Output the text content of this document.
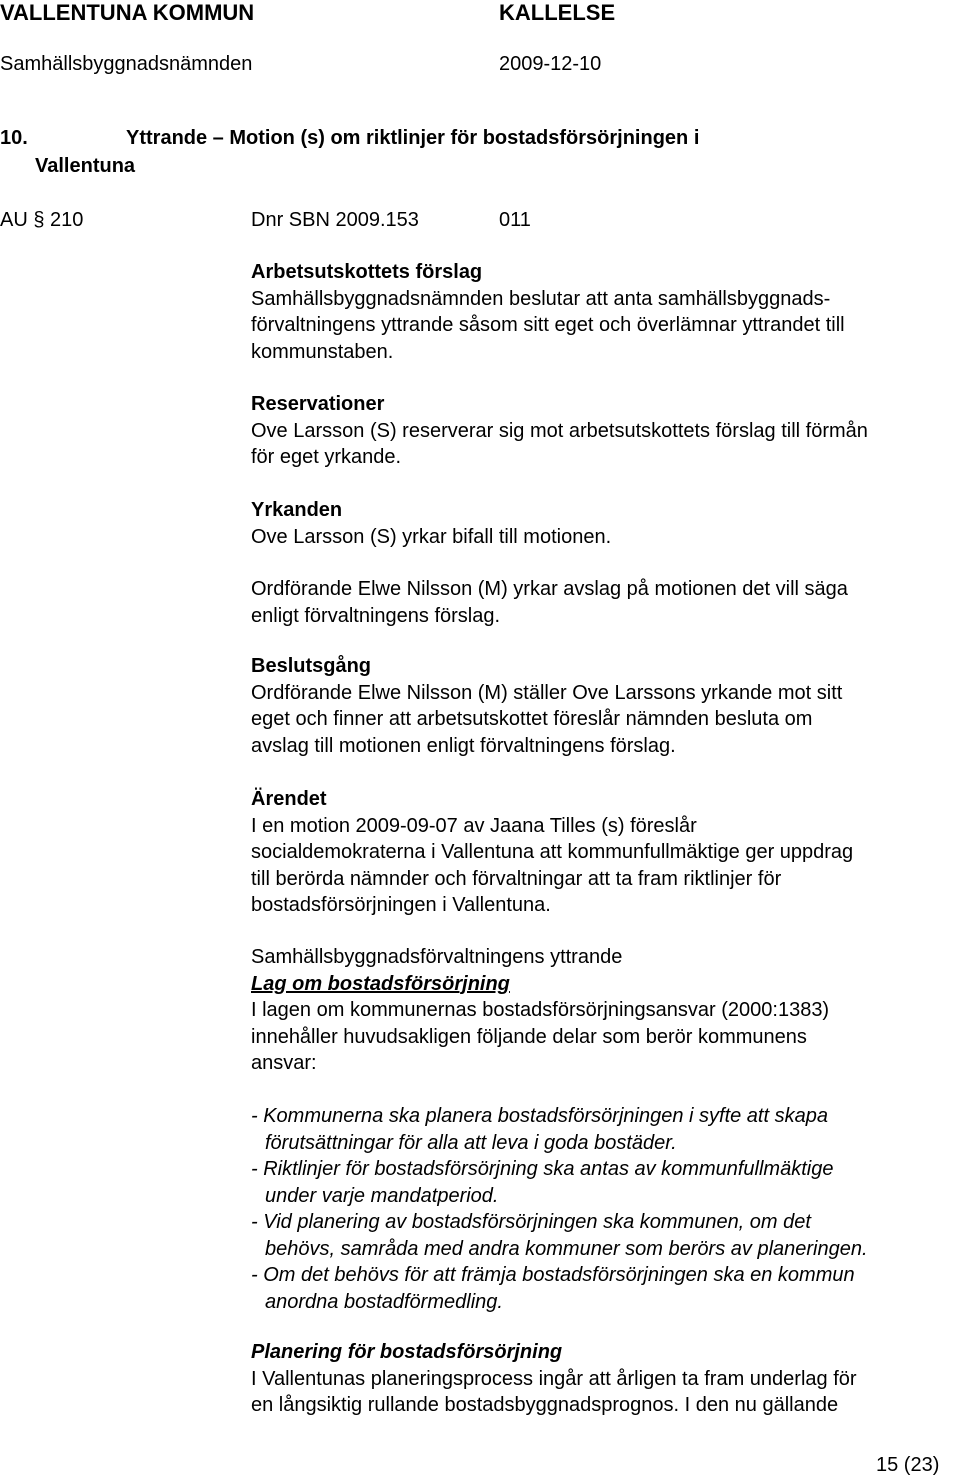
VALLENTUNA KOMMUN	KALLELSE
Samhällsbyggnadsnämnden	2009-12-10
10.	Yttrande – Motion (s) om riktlinjer för bostadsförsörjningen i
Vallentuna
AU § 210	Dnr SBN 2009.153	011

Arbetsutskottets förslag

Samhällsbyggnadsnämnden beslutar att anta samhällsbyggnads-

förvaltningens yttrande såsom sitt eget och överlämnar yttrandet till

kommunstaben.

Reservationer

Ove Larsson (S) reserverar sig mot arbetsutskottets förslag till förmån

för eget yrkande.

Yrkanden

Ove Larsson (S) yrkar bifall till motionen.

Ordförande Elwe Nilsson (M) yrkar avslag på motionen det vill säga

enligt förvaltningens förslag.

Beslutsgång

Ordförande Elwe Nilsson (M) ställer Ove Larssons yrkande mot sitt

eget och finner att arbetsutskottet föreslår nämnden besluta om

avslag till motionen enligt förvaltningens förslag.

Ärendet

I en motion 2009-09-07 av Jaana Tilles (s) föreslår

socialdemokraterna i Vallentuna att kommunfullmäktige ger uppdrag

till berörda nämnder och förvaltningar att ta fram riktlinjer för

bostadsförsörjningen i Vallentuna.

Samhällsbyggnadsförvaltningens yttrande

Lag om bostadsförsörjning

I lagen om kommunernas bostadsförsörjningsansvar (2000:1383)

innehåller huvudsakligen följande delar som berör kommunens

ansvar:

- Kommunerna ska planera bostadsförsörjningen i syfte att skapa

förutsättningar för alla att leva i goda bostäder.

- Riktlinjer för bostadsförsörjning ska antas av kommunfullmäktige

under varje mandatperiod.

- Vid planering av bostadsförsörjningen ska kommunen, om det

behövs, samråda med andra kommuner som berörs av planeringen.

- Om det behövs för att främja bostadsförsörjningen ska en kommun

anordna bostadförmedling.

Planering för bostadsförsörjning

I Vallentunas planeringsprocess ingår att årligen ta fram underlag för

en långsiktig rullande bostadsbyggnadsprognos. I den nu gällande

15 (23)
